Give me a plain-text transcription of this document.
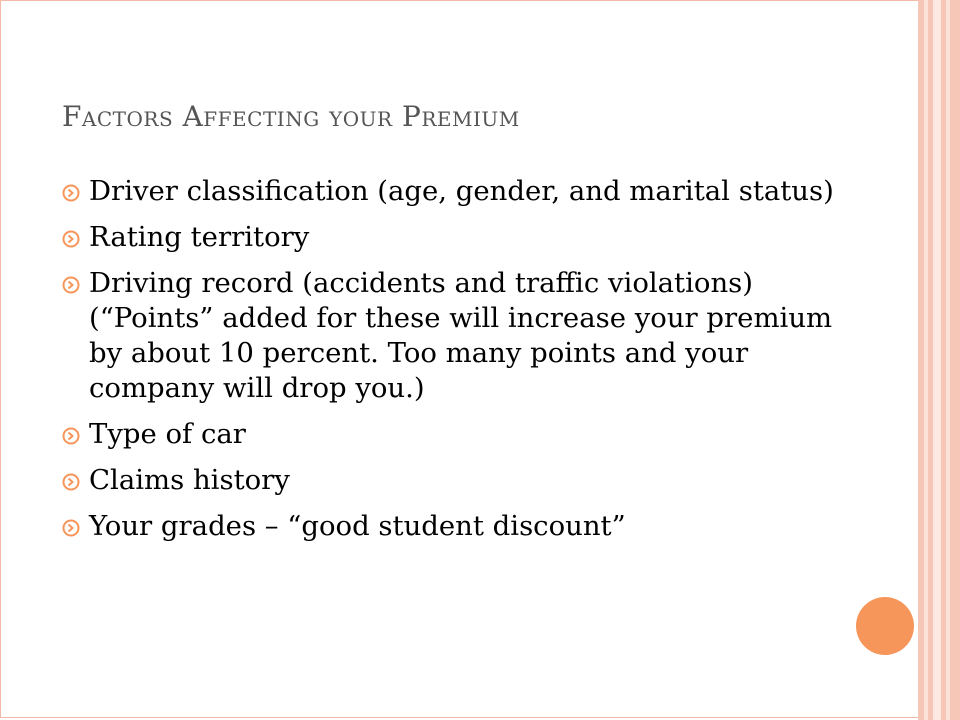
Factors Affecting your Premium
Driver classification (age, gender, and marital status)
Rating territory
Driving record (accidents and traffic violations) (“Points” added for these will increase your premium by about 10 percent. Too many points and your company will drop you.)
Type of car
Claims history
Your grades – “good student discount”
